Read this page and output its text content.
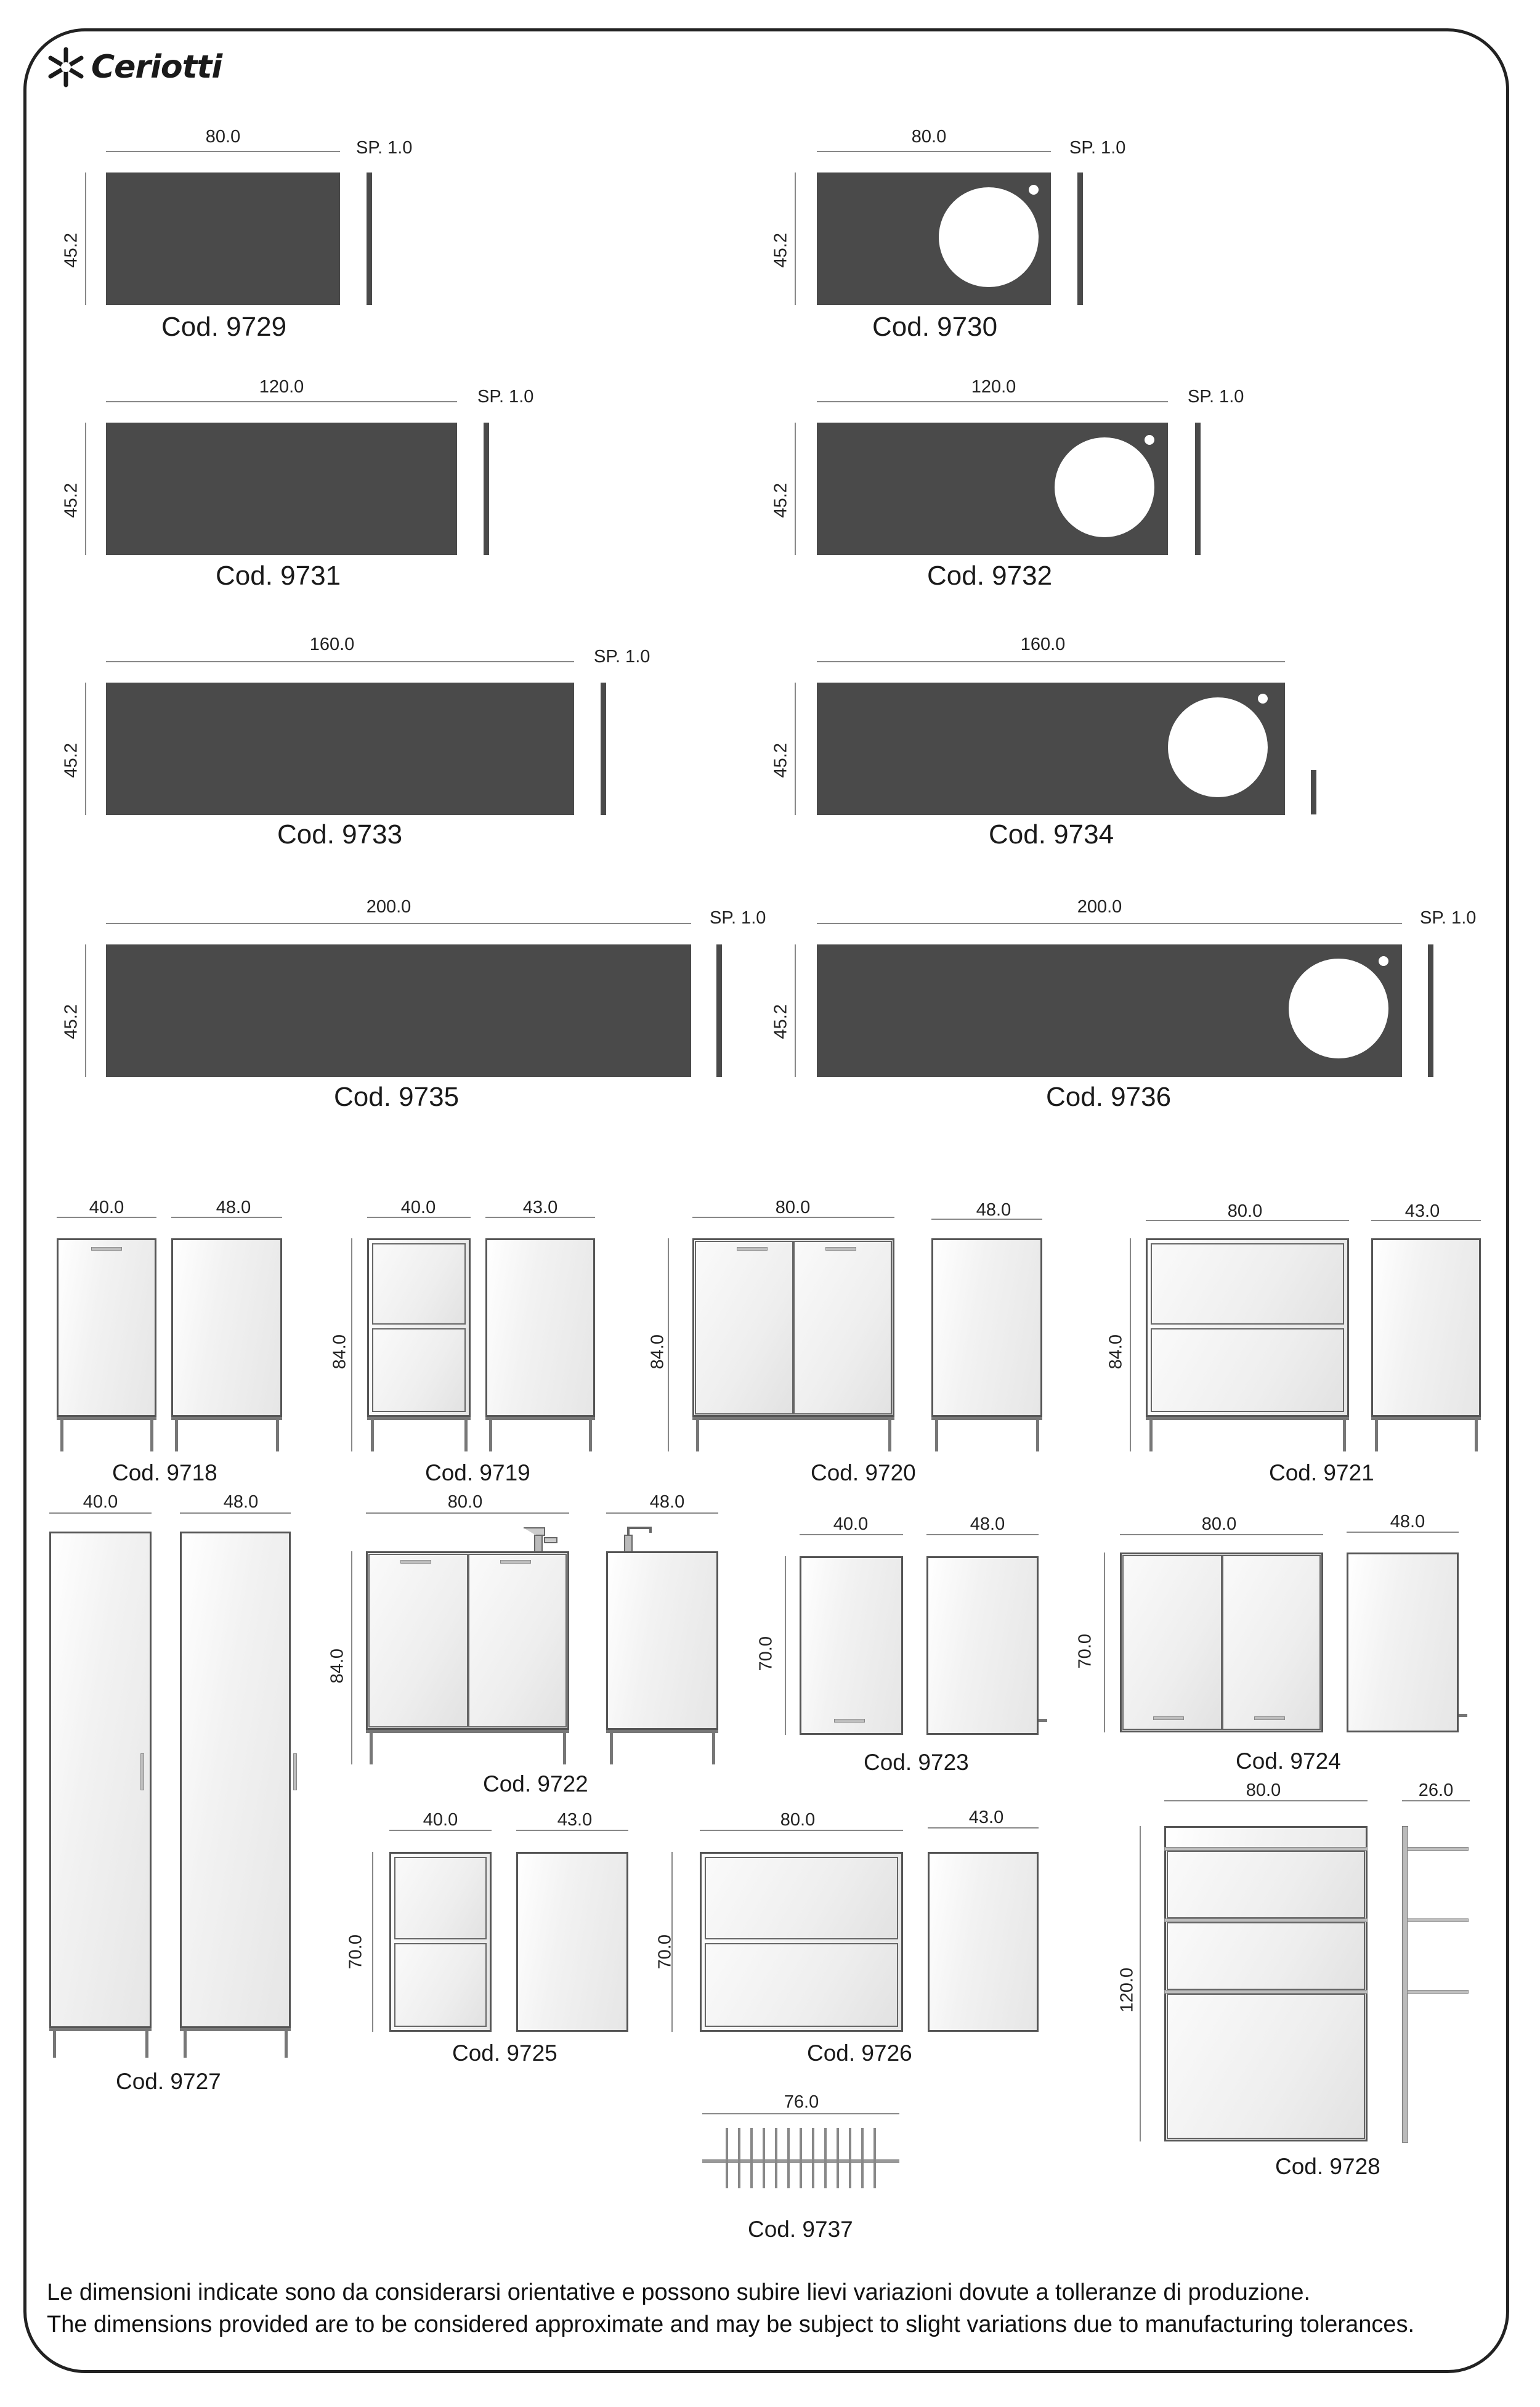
Ceriotti
80.0
45.2
SP. 1.0
Cod. 9729
80.0
45.2
SP. 1.0
Cod. 9730
120.0
45.2
SP. 1.0
Cod. 9731
120.0
45.2
SP. 1.0
Cod. 9732
160.0
45.2
SP. 1.0
Cod. 9733
160.0
45.2
Cod. 9734
200.0
45.2
SP. 1.0
Cod. 9735
200.0
45.2
SP. 1.0
Cod. 9736
40.0	48.0
Cod. 9718
40.0	43.0
84.0
Cod. 9719
80.0	48.0
84.0
Cod. 9720
80.0	43.0
84.0
Cod. 9721
40.0	48.0
Cod. 9727
80.0	48.0
84.0
Cod. 9722
40.0	48.0
70.0
Cod. 9723
80.0	48.0
70.0
Cod. 9724
40.0	43.0
70.0
Cod. 9725
80.0	43.0
70.0
Cod. 9726
80.0	26.0
120.0
Cod. 9728
76.0
Cod. 9737
Le dimensioni indicate sono da considerarsi orientative e possono subire lievi variazioni dovute a tolleranze di produzione.
The dimensions provided are to be considered approximate and may be subject to slight variations due to manufacturing tolerances.
